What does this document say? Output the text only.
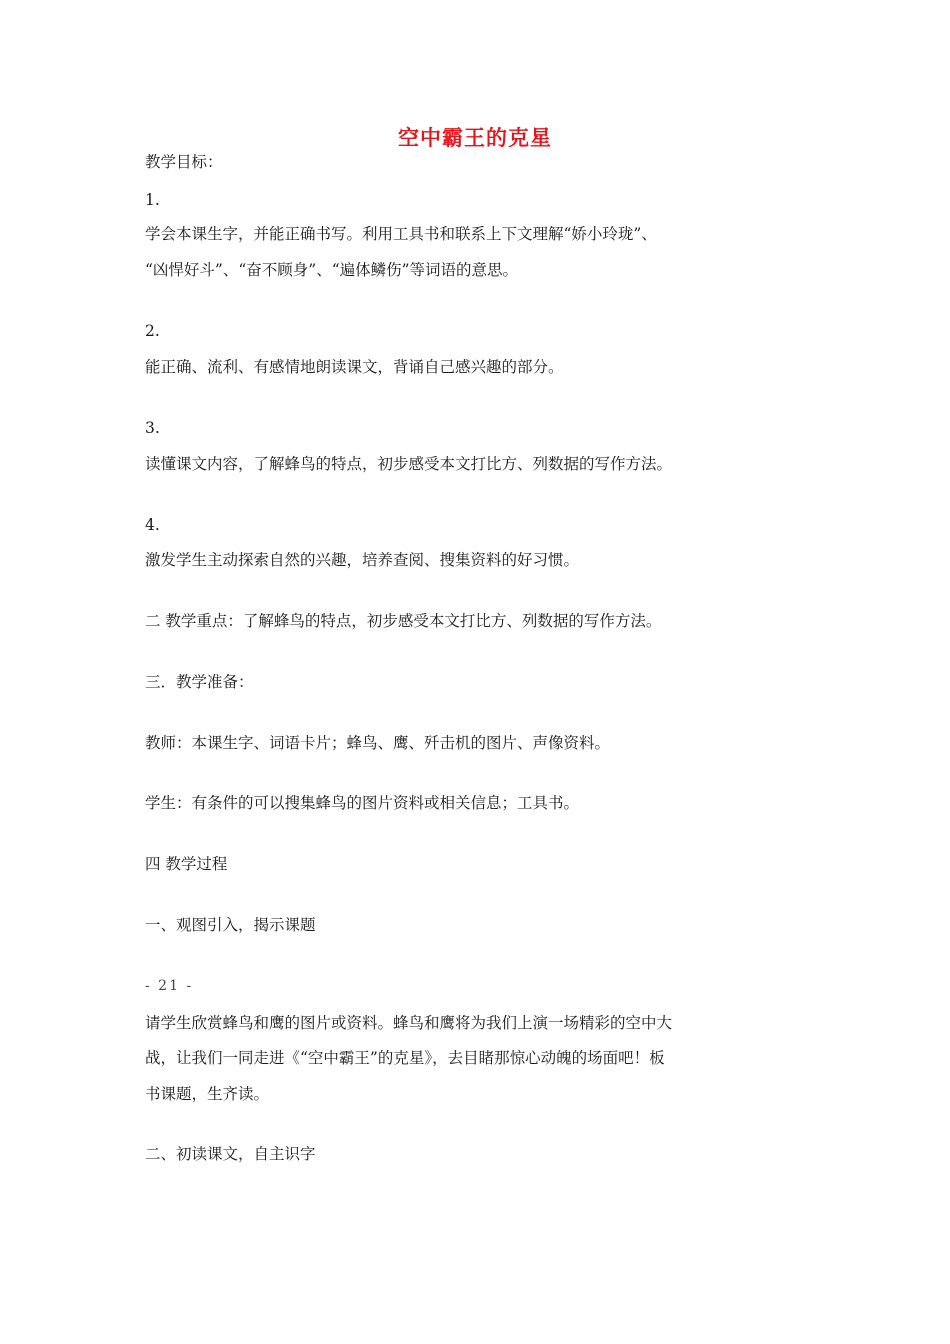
空中霸王的克星
教学目标：
1.
学会本课生字，并能正确书写。利用工具书和联系上下文理解“娇小玲珑”、
“凶悍好斗”、“奋不顾身”、“遍体鳞伤”等词语的意思。
2.
能正确、流利、有感情地朗读课文，背诵自己感兴趣的部分。
3.
读懂课文内容，了解蜂鸟的特点，初步感受本文打比方、列数据的写作方法。
4.
激发学生主动探索自然的兴趣，培养查阅、搜集资料的好习惯。
二 教学重点：了解蜂鸟的特点，初步感受本文打比方、列数据的写作方法。
三．教学准备：
教师：本课生字、词语卡片；蜂鸟、鹰、歼击机的图片、声像资料。
学生：有条件的可以搜集蜂鸟的图片资料或相关信息；工具书。
四 教学过程
一、观图引入，揭示课题
- 21 -
请学生欣赏蜂鸟和鹰的图片或资料。蜂鸟和鹰将为我们上演一场精彩的空中大
战，让我们一同走进《“空中霸王”的克星》，去目睹那惊心动魄的场面吧！板
书课题，生齐读。
二、初读课文，自主识字
